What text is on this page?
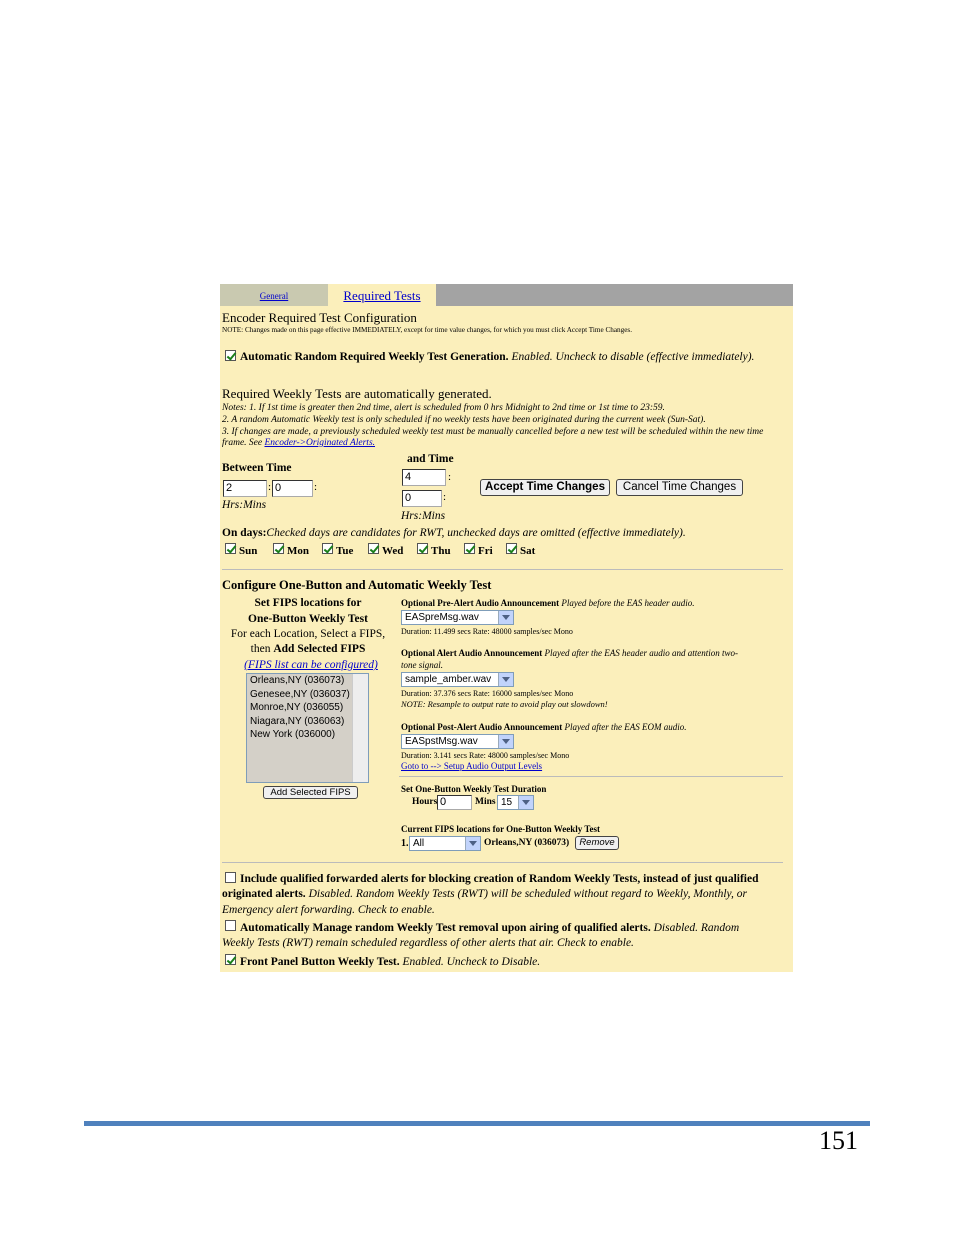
General	Required Tests
Encoder Required Test Configuration
NOTE: Changes made on this page effective IMMEDIATELY, except for time value changes, for which you must click Accept Time Changes.
Automatic Random Required Weekly Test Generation. Enabled. Uncheck to disable (effective immediately).
Required Weekly Tests are automatically generated.
Notes: 1. If 1st time is greater then 2nd time, alert is scheduled from 0 hrs Midnight to 2nd time or 1st time to 23:59.
2. A random Automatic Weekly test is only scheduled if no weekly tests have been originated during the current week (Sun-Sat).
3. If changes are made, a previously scheduled weekly test must be manually cancelled before a new test will be scheduled within the new time
frame. See Encoder->Originated Alerts.
and Time
Between Time
2	: 0	:
Hrs:Mins
4	:
0	:
Hrs:Mins
Accept Time Changes	Cancel Time Changes
On days:Checked days are candidates for RWT, unchecked days are omitted (effective immediately).
Sun	Mon Tue	Wed	Thu Fri Sat
Configure One-Button and Automatic Weekly Test
Set FIPS locations for
One-Button Weekly Test
For each Location, Select a FIPS,
then Add Selected FIPS
(FIPS list can be configured)
Orleans,NY (036073)
Genesee,NY (036037)
Monroe,NY (036055)
Niagara,NY (036063)
New York (036000)
Add Selected FIPS
Optional Pre-Alert Audio Announcement Played before the EAS header audio.
EASpreMsg.wav
Duration: 11.499 secs Rate: 48000 samples/sec Mono
Optional Alert Audio Announcement Played after the EAS header audio and attention two-
tone signal.
sample_amber.wav
Duration: 37.376 secs Rate: 16000 samples/sec Mono
NOTE: Resample to output rate to avoid play out slowdown!
Optional Post-Alert Audio Announcement Played after the EAS EOM audio.
EASpstMsg.wav
Duration: 3.141 secs Rate: 48000 samples/sec Mono
Goto to --> Setup Audio Output Levels
Set One-Button Weekly Test Duration
Hours 0	Mins 15
Current FIPS locations for One-Button Weekly Test
1. All	Orleans,NY (036073)	Remove
Include qualified forwarded alerts for blocking creation of Random Weekly Tests, instead of just qualified
originated alerts. Disabled. Random Weekly Tests (RWT) will be scheduled without regard to Weekly, Monthly, or
Emergency alert forwarding. Check to enable.
Automatically Manage random Weekly Test removal upon airing of qualified alerts. Disabled. Random
Weekly Tests (RWT) remain scheduled regardless of other alerts that air. Check to enable.
Front Panel Button Weekly Test. Enabled. Uncheck to Disable.
151
